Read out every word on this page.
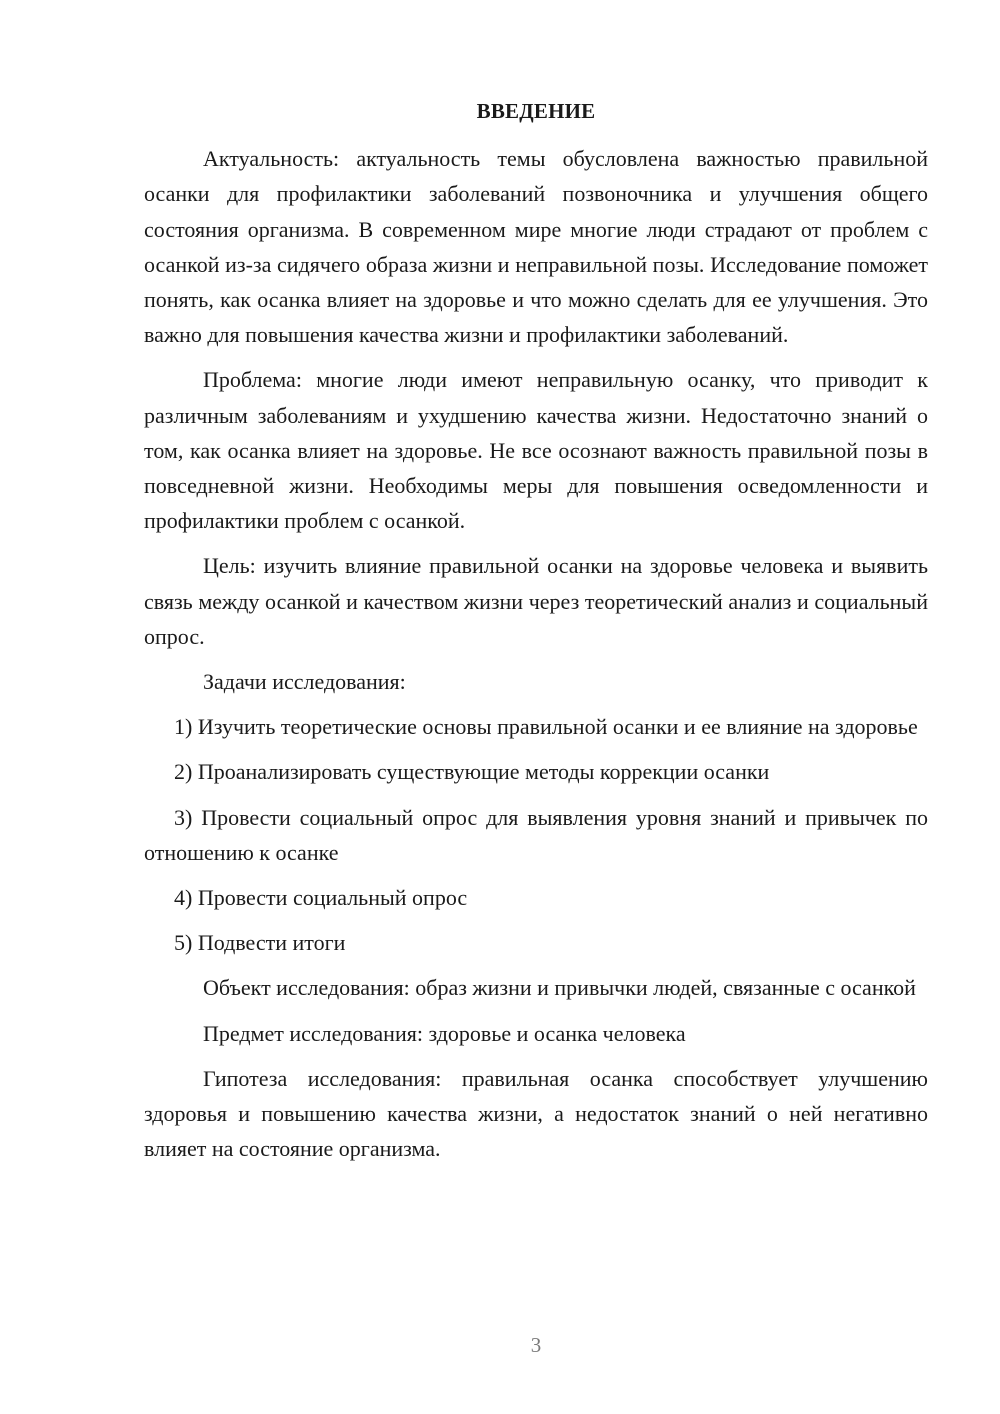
ВВЕДЕНИЕ
Актуальность: актуальность темы обусловлена важностью правильной осанки для профилактики заболеваний позвоночника и улучшения общего состояния организма. В современном мире многие люди страдают от проблем с осанкой из-за сидячего образа жизни и неправильной позы. Исследование поможет понять, как осанка влияет на здоровье и что можно сделать для ее улучшения. Это важно для повышения качества жизни и профилактики заболеваний.
Проблема: многие люди имеют неправильную осанку, что приводит к различным заболеваниям и ухудшению качества жизни. Недостаточно знаний о том, как осанка влияет на здоровье. Не все осознают важность правильной позы в повседневной жизни. Необходимы меры для повышения осведомленности и профилактики проблем с осанкой.
Цель: изучить влияние правильной осанки на здоровье человека и выявить связь между осанкой и качеством жизни через теоретический анализ и социальный опрос.
Задачи исследования:
1) Изучить теоретические основы правильной осанки и ее влияние на здоровье
2) Проанализировать существующие методы коррекции осанки
3) Провести социальный опрос для выявления уровня знаний и привычек по отношению к осанке
4) Провести социальный опрос
5) Подвести итоги
Объект исследования: образ жизни и привычки людей, связанные с осанкой
Предмет исследования: здоровье и осанка человека
Гипотеза исследования: правильная осанка способствует улучшению здоровья и повышению качества жизни, а недостаток знаний о ней негативно влияет на состояние организма.
3
